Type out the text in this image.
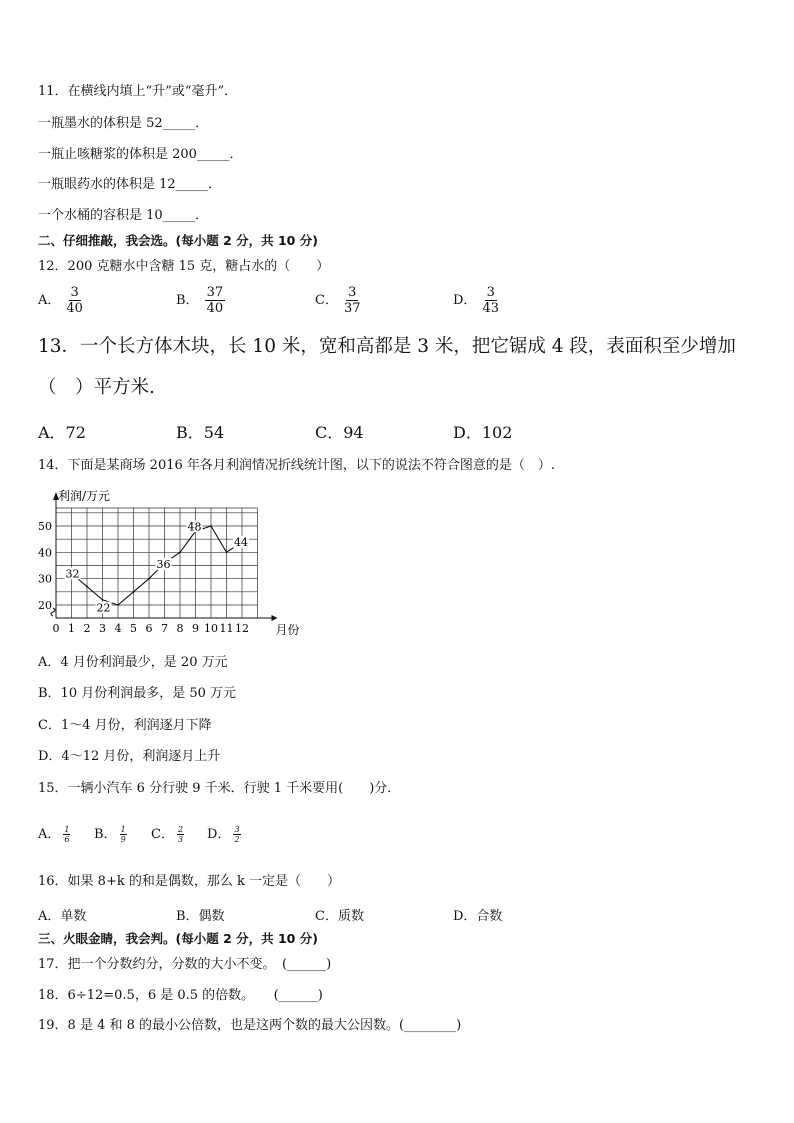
11．在横线内填上“升”或“毫升”．
一瓶墨水的体积是 52_____．
一瓶止咳糖浆的体积是 200_____．
一瓶眼药水的体积是 12_____．
一个水桶的容积是 10_____．
二、仔细推敲，我会选。(每小题 2 分，共 10 分)
12．200 克糖水中含糖 15 克，糖占水的（　　）
A． $\frac{3}{40}$	B． $\frac{37}{40}$	C． $\frac{3}{37}$	D． $\frac{3}{43}$
13．一个长方体木块，长 10 米，宽和高都是 3 米，把它锯成 4 段，表面积至少增加
（　）平方米.
A．72	B．54	C．94	D．102
14．下面是某商场 2016 年各月利润情况折线统计图，以下的说法不符合图意的是（　）.
利润/万元
月份
0 1 2 3 4 5 6 7 8 9 10 11 12
20
30
40
50
32
22
36
48
44
A．4 月份利润最少，是 20 万元
B．10 月份利润最多，是 50 万元
C．1～4 月份，利润逐月下降
D．4～12 月份，利润逐月上升
15．一辆小汽车 6 分行驶 9 千米．行驶 1 千米要用(　　)分．
A． $\frac{1}{6}$ B． $\frac{1}{9}$ C． $\frac{2}{3}$ D． $\frac{3}{2}$
16．如果 8+k 的和是偶数，那么 k 一定是（　　）
A．单数	B．偶数	C．质数	D．合数
三、火眼金睛，我会判。(每小题 2 分，共 10 分)
17．把一个分数约分，分数的大小不变。　(______)
18．6÷12=0.5，6 是 0.5 的倍数。　　(______)
19．8 是 4 和 8 的最小公倍数，也是这两个数的最大公因数。(________)
